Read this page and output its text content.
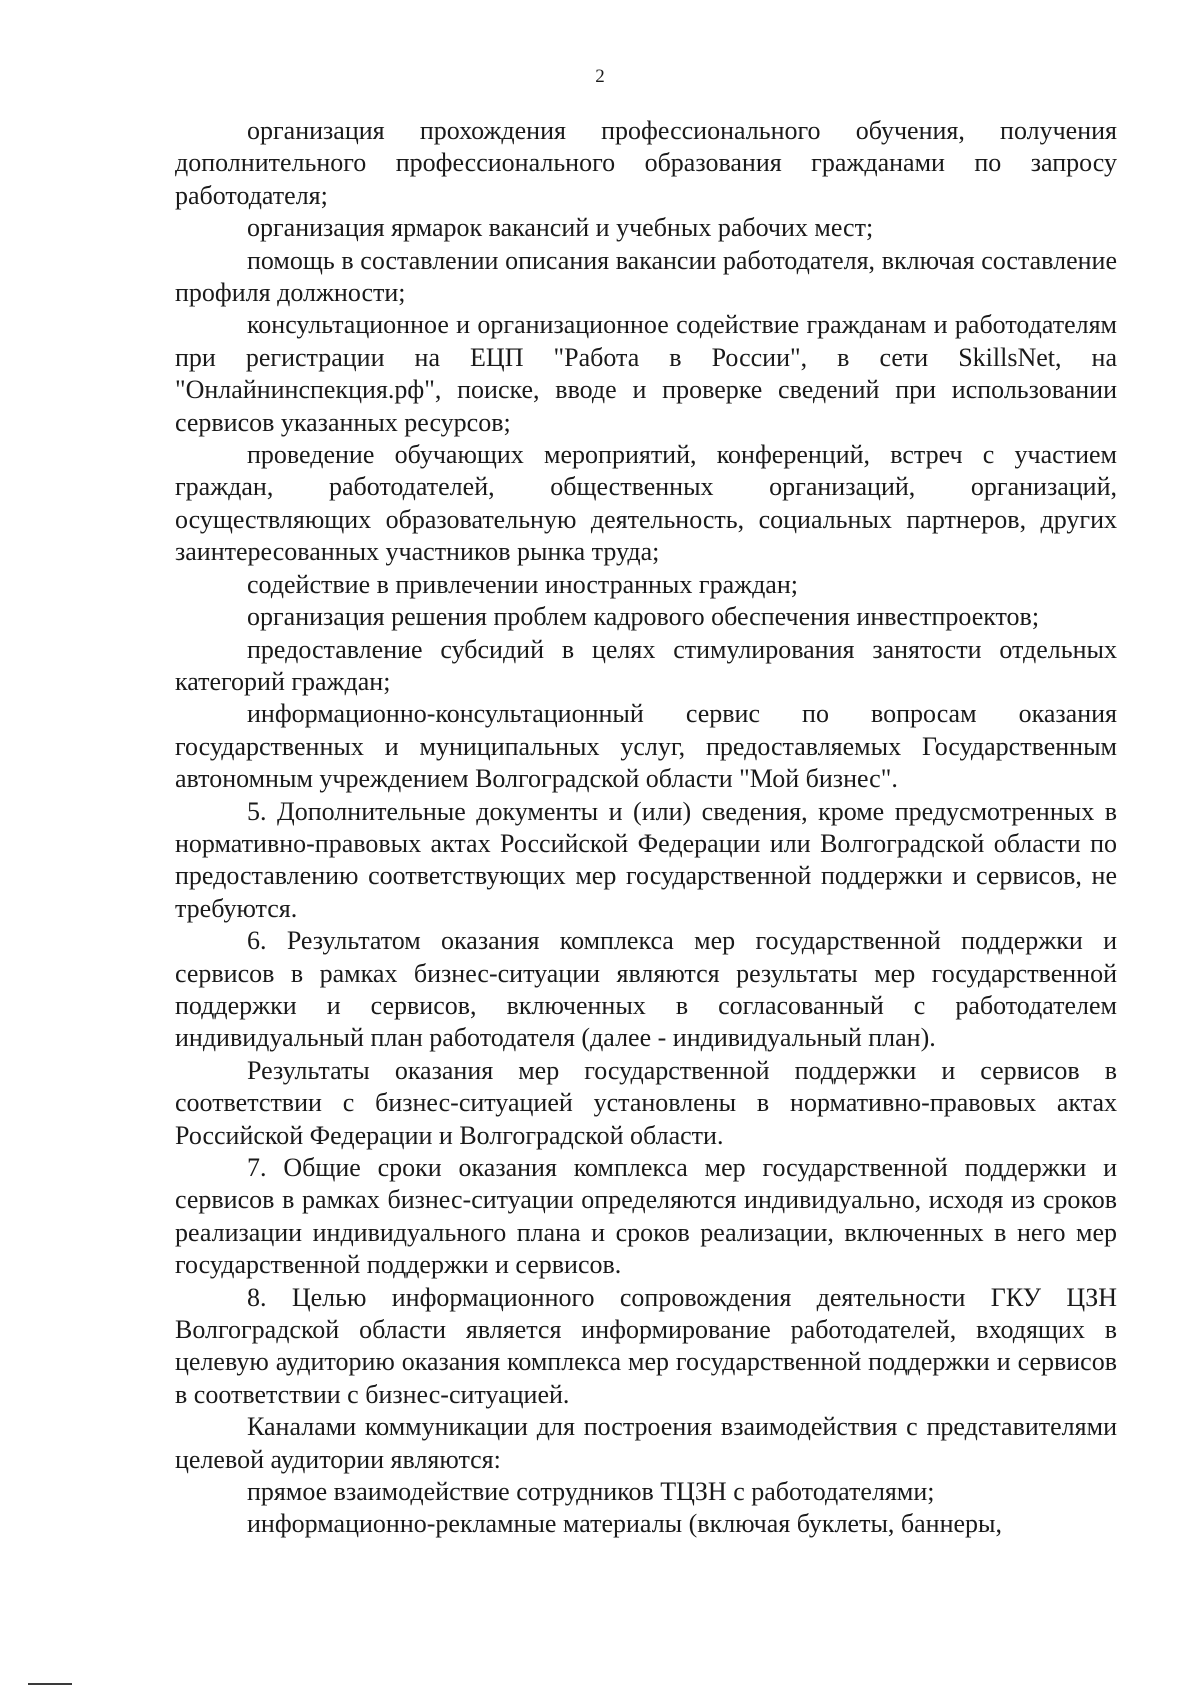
2

организация прохождения профессионального обучения, получения дополнительного профессионального образования гражданами по запросу работодателя;

организация ярмарок вакансий и учебных рабочих мест;

помощь в составлении описания вакансии работодателя, включая составление профиля должности;

консультационное и организационное содействие гражданам и работодателям при регистрации на ЕЦП "Работа в России", в сети SkillsNet, на "Онлайнинспекция.рф", поиске, вводе и проверке сведений при использовании сервисов указанных ресурсов;

проведение обучающих мероприятий, конференций, встреч с участием граждан, работодателей, общественных организаций, организаций, осуществляющих образовательную деятельность, социальных партнеров, других заинтересованных участников рынка труда;

содействие в привлечении иностранных граждан;

организация решения проблем кадрового обеспечения инвестпроектов;

предоставление субсидий в целях стимулирования занятости отдельных категорий граждан;

информационно-консультационный сервис по вопросам оказания государственных и муниципальных услуг, предоставляемых Государственным автономным учреждением Волгоградской области "Мой бизнес".

5. Дополнительные документы и (или) сведения, кроме предусмотренных в нормативно-правовых актах Российской Федерации или Волгоградской области по предоставлению соответствующих мер государственной поддержки и сервисов, не требуются.

6. Результатом оказания комплекса мер государственной поддержки и сервисов в рамках бизнес-ситуации являются результаты мер государственной поддержки и сервисов, включенных в согласованный с работодателем индивидуальный план работодателя (далее - индивидуальный план).

Результаты оказания мер государственной поддержки и сервисов в соответствии с бизнес-ситуацией установлены в нормативно-правовых актах Российской Федерации и Волгоградской области.

7. Общие сроки оказания комплекса мер государственной поддержки и сервисов в рамках бизнес-ситуации определяются индивидуально, исходя из сроков реализации индивидуального плана и сроков реализации, включенных в него мер государственной поддержки и сервисов.

8. Целью информационного сопровождения деятельности ГКУ ЦЗН Волгоградской области является информирование работодателей, входящих в целевую аудиторию оказания комплекса мер государственной поддержки и сервисов в соответствии с бизнес-ситуацией.

Каналами коммуникации для построения взаимодействия с представителями целевой аудитории являются:

прямое взаимодействие сотрудников ТЦЗН с работодателями;

информационно-рекламные материалы (включая буклеты, баннеры,
